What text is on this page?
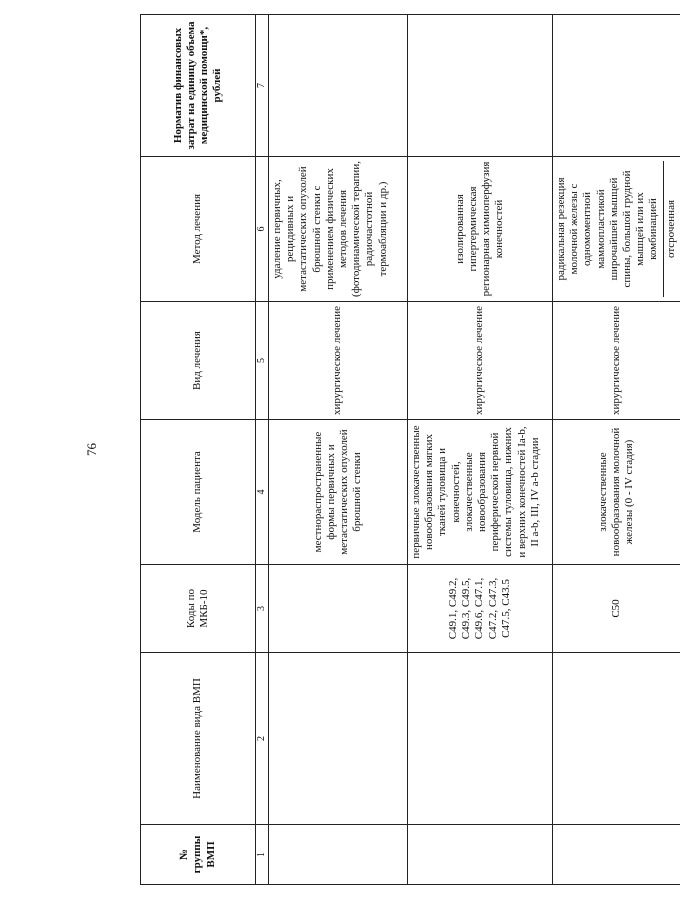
76
№ группы ВМП	Наименование вида ВМП	Коды по МКБ-10	Модель пациента	Вид лечения	Метод лечения	Норматив финансовых затрат на единицу объема медицинской помощи*, рублей
1	2	3	4	5	6	7
			местнораспространенные формы первичных и метастатических опухолей брюшной стенки	хирургическое лечение	удаление первичных, рецидивных и метастатических опухолей брюшной стенки с применением физических методов лечения (фотодинамической терапии, радиочастотной термоабляции и др.)	
		C49.1, C49.2, C49.3, C49.5, C49.6, C47.1, C47.2, C47.3, C47.5, C43.5	первичные злокачественные новообразования мягких тканей туловища и конечностей, злокачественные новообразования периферической нервной системы туловища, нижних и верхних конечностей Ia-b, II a-b, III, IV a-b стадии	хирургическое лечение	изолированная гипертермическая регионарная химиоперфузия конечностей	
		C50	злокачественные новообразования молочной железы (0 - IV стадия)	хирургическое лечение	радикальная резекция молочной железы с одномоментной маммопластикой широчайшей мышцей спины, большой грудной мышцей или их комбинацией отсроченная	
